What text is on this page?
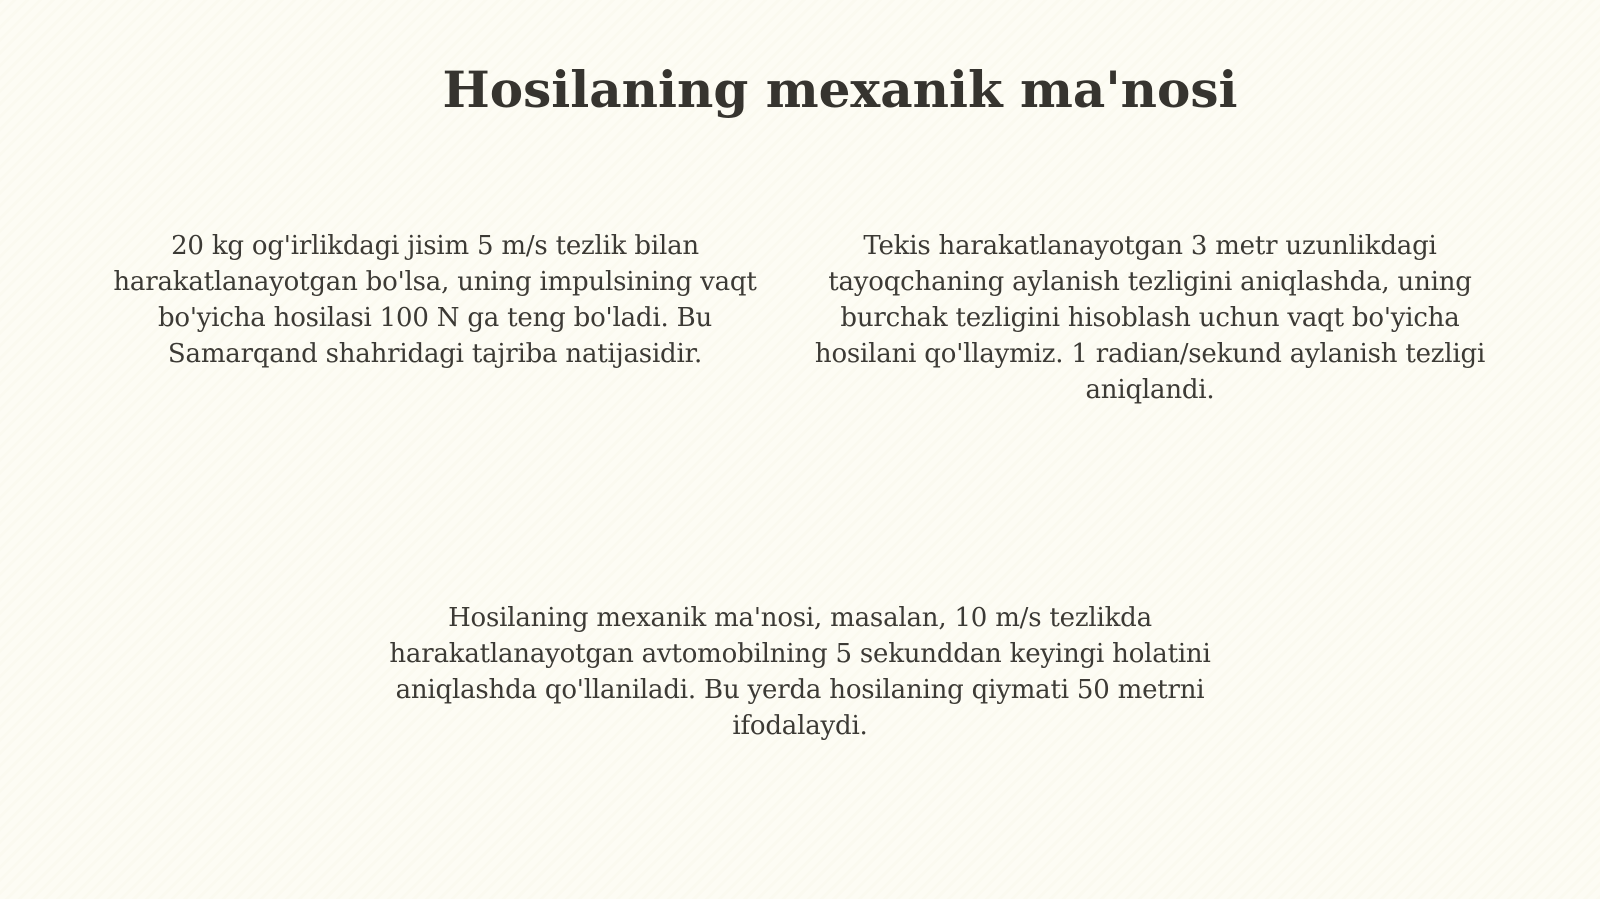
Hosilaning mexanik ma'nosi

20 kg og'irlikdagi jisim 5 m/s tezlik bilan harakatlanayotgan bo'lsa, uning impulsining vaqt bo'yicha hosilasi 100 N ga teng bo'ladi. Bu Samarqand shahridagi tajriba natijasidir.

Tekis harakatlanayotgan 3 metr uzunlikdagi tayoqchaning aylanish tezligini aniqlashda, uning burchak tezligini hisoblash uchun vaqt bo'yicha hosilani qo'llaymiz. 1 radian/sekund aylanish tezligi aniqlandi.

Hosilaning mexanik ma'nosi, masalan, 10 m/s tezlikda harakatlanayotgan avtomobilning 5 sekunddan keyingi holatini aniqlashda qo'llaniladi. Bu yerda hosilaning qiymati 50 metrni ifodalaydi.
